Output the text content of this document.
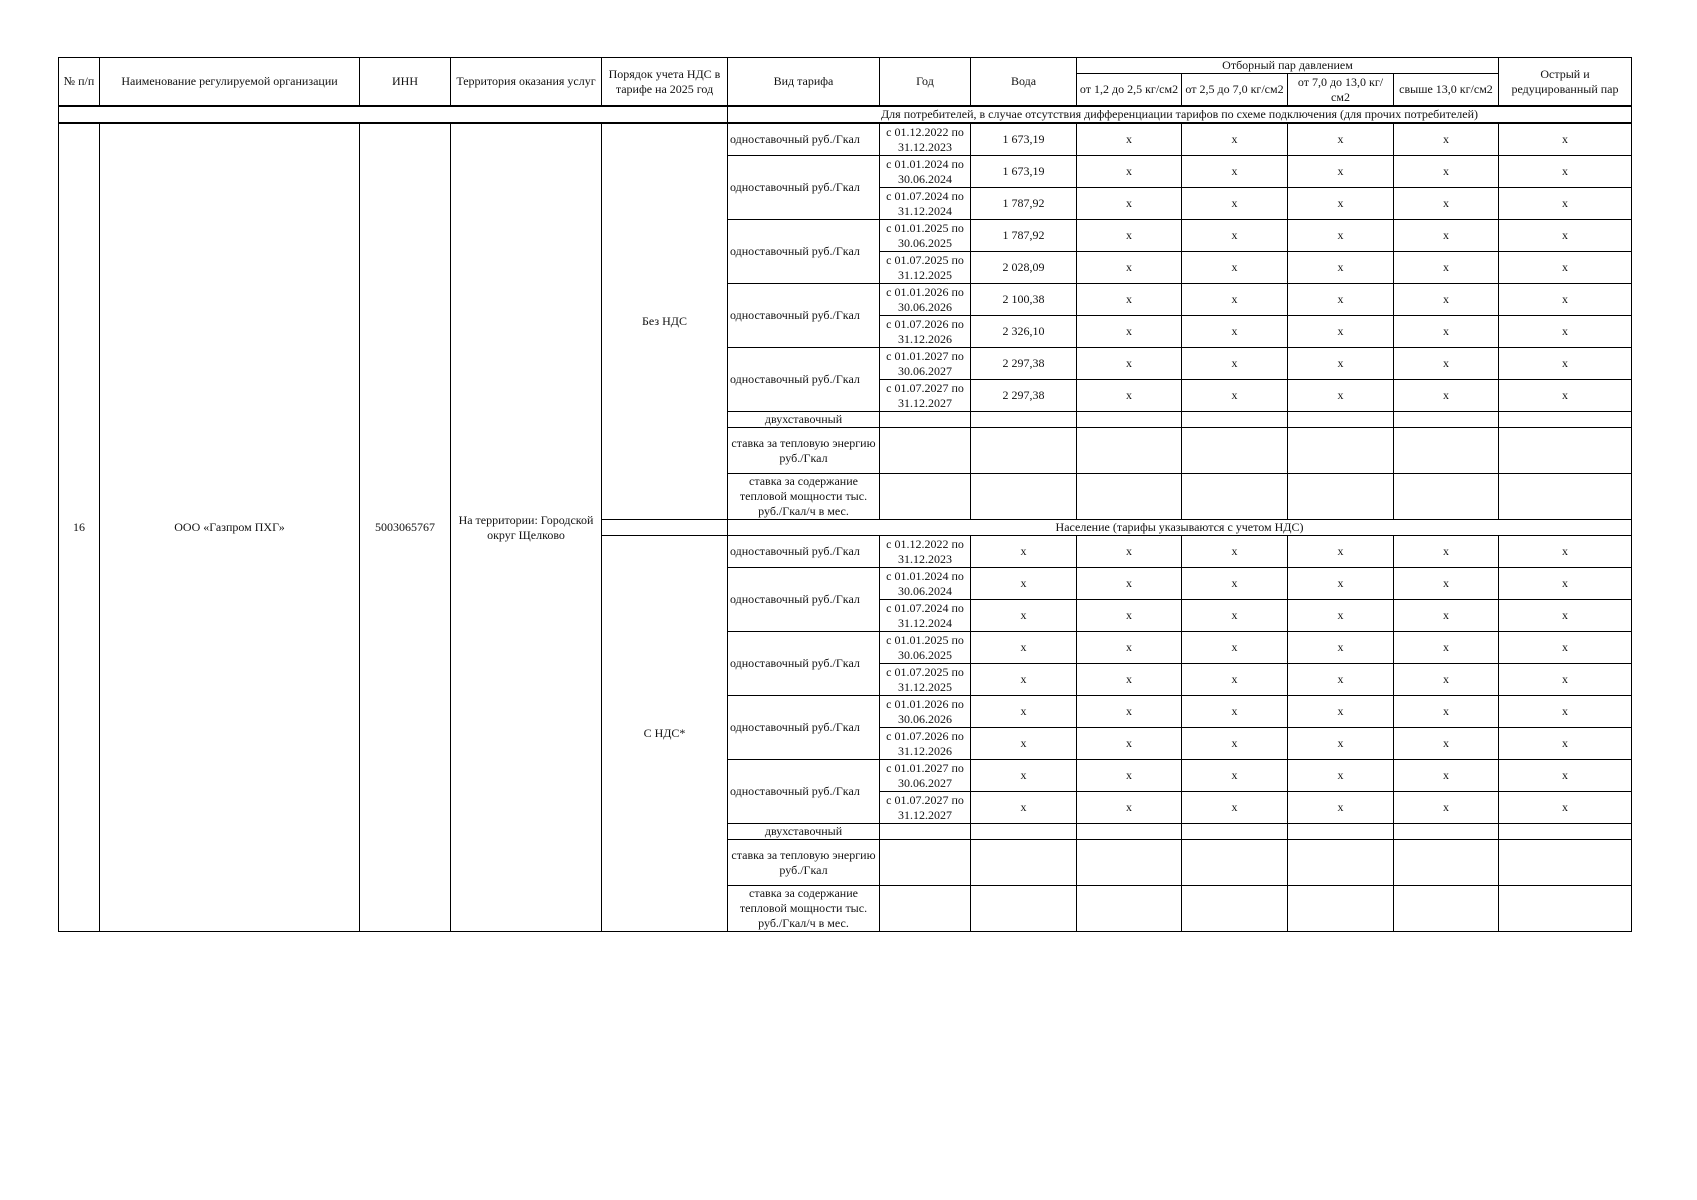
№ п/п	Наименование регулируемой организации	ИНН	Территория оказания услуг	Порядок учета НДС в тарифе на 2025 год	Вид тарифа	Год	Вода	Отборный пар давлением				Острый и редуцированный пар
								от 1,2 до 2,5 кг/см2	от 2,5 до 7,0 кг/см2	от 7,0 до 13,0 кг/см2	свыше 13,0 кг/см2	
					Для потребителей, в случае отсутствия дифференциации тарифов по схеме подключения (для прочих потребителей)							
16	ООО «Газпром ПХГ»	5003065767	На территории: Городской округ Щелково	Без НДС	одноставочный руб./Гкал	с 01.12.2022 по 31.12.2023	1 673,19	x	x	x	x	x
					одноставочный руб./Гкал	с 01.01.2024 по 30.06.2024	1 673,19	x	x	x	x	x
						с 01.07.2024 по 31.12.2024	1 787,92	x	x	x	x	x
					одноставочный руб./Гкал	с 01.01.2025 по 30.06.2025	1 787,92	x	x	x	x	x
						с 01.07.2025 по 31.12.2025	2 028,09	x	x	x	x	x
					одноставочный руб./Гкал	с 01.01.2026 по 30.06.2026	2 100,38	x	x	x	x	x
						с 01.07.2026 по 31.12.2026	2 326,10	x	x	x	x	x
					одноставочный руб./Гкал	с 01.01.2027 по 30.06.2027	2 297,38	x	x	x	x	x
						с 01.07.2027 по 31.12.2027	2 297,38	x	x	x	x	x
					двухставочный							
					ставка за тепловую энергию руб./Гкал							
					ставка за содержание тепловой мощности тыс. руб./Гкал/ч в мес.							
					Население (тарифы указываются с учетом НДС)							
				С НДС*	одноставочный руб./Гкал	с 01.12.2022 по 31.12.2023	x	x	x	x	x	x
					одноставочный руб./Гкал	с 01.01.2024 по 30.06.2024	x	x	x	x	x	x
						с 01.07.2024 по 31.12.2024	x	x	x	x	x	x
					одноставочный руб./Гкал	с 01.01.2025 по 30.06.2025	x	x	x	x	x	x
						с 01.07.2025 по 31.12.2025	x	x	x	x	x	x
					одноставочный руб./Гкал	с 01.01.2026 по 30.06.2026	x	x	x	x	x	x
						с 01.07.2026 по 31.12.2026	x	x	x	x	x	x
					одноставочный руб./Гкал	с 01.01.2027 по 30.06.2027	x	x	x	x	x	x
						с 01.07.2027 по 31.12.2027	x	x	x	x	x	x
					двухставочный							
					ставка за тепловую энергию руб./Гкал							
					ставка за содержание тепловой мощности тыс. руб./Гкал/ч в мес.							
